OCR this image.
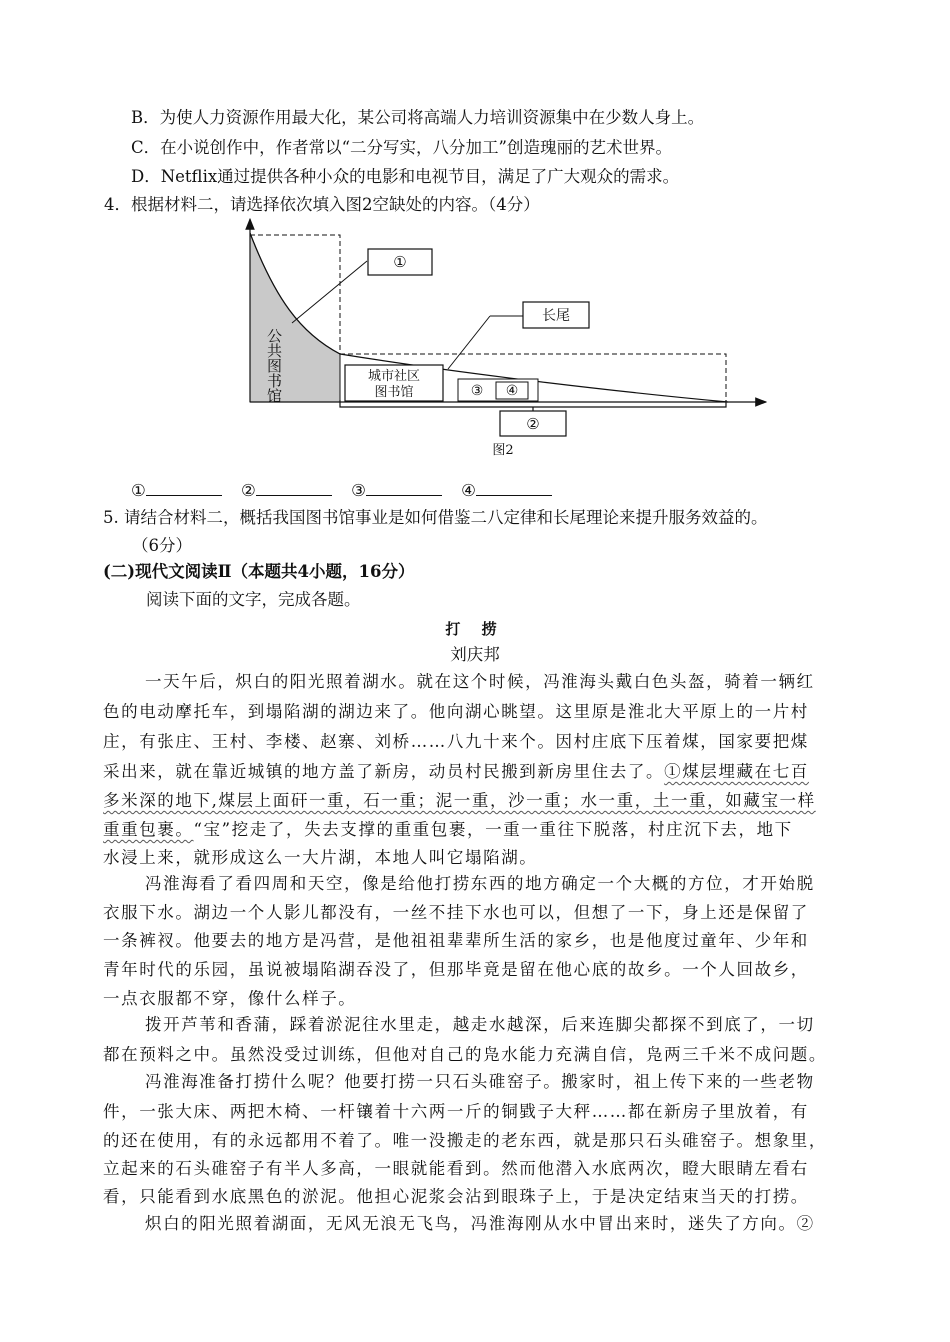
B．为使人力资源作用最大化，某公司将高端人力培训资源集中在少数人身上。
C．在小说创作中，作者常以“二分写实，八分加工”创造瑰丽的艺术世界。
D．Netflix通过提供各种小众的电影和电视节目，满足了广大观众的需求。
4．根据材料二，请选择依次填入图2空缺处的内容。（4分）
公共图书馆
①
长尾
城市社区
图书馆	③ ④
②
图2
①	②	③	④
5. 请结合材料二，概括我国图书馆事业是如何借鉴二八定律和长尾理论来提升服务效益的。
（6分）
(二)现代文阅读Ⅱ（本题共4小题，16分）
阅读下面的文字，完成各题。
打 捞
刘庆邦
一天午后，炽白的阳光照着湖水。就在这个时候，冯淮海头戴白色头盔，骑着一辆红
色的电动摩托车，到塌陷湖的湖边来了。他向湖心眺望。这里原是淮北大平原上的一片村
庄，有张庄、王村、李楼、赵寨、刘桥……八九十来个。因村庄底下压着煤，国家要把煤
采出来，就在靠近城镇的地方盖了新房，动员村民搬到新房里住去了。①煤层埋藏在七百
多米深的地下,煤层上面矸一重，石一重；泥一重，沙一重；水一重，土一重，如藏宝一样
重重包裹。“宝”挖走了，失去支撑的重重包裹，一重一重往下脱落，村庄沉下去，地下
水浸上来，就形成这么一大片湖，本地人叫它塌陷湖。
冯淮海看了看四周和天空，像是给他打捞东西的地方确定一个大概的方位，才开始脱
衣服下水。湖边一个人影儿都没有，一丝不挂下水也可以，但想了一下，身上还是保留了
一条裤衩。他要去的地方是冯营，是他祖祖辈辈所生活的家乡，也是他度过童年、少年和
青年时代的乐园，虽说被塌陷湖吞没了，但那毕竟是留在他心底的故乡。一个人回故乡，
一点衣服都不穿，像什么样子。
拨开芦苇和香蒲，踩着淤泥往水里走，越走水越深，后来连脚尖都探不到底了，一切
都在预料之中。虽然没受过训练，但他对自己的凫水能力充满自信，凫两三千米不成问题。
冯淮海准备打捞什么呢？他要打捞一只石头碓窑子。搬家时，祖上传下来的一些老物
件，一张大床、两把木椅、一杆镶着十六两一斤的铜戥子大秤……都在新房子里放着，有
的还在使用，有的永远都用不着了。唯一没搬走的老东西，就是那只石头碓窑子。想象里，
立起来的石头碓窑子有半人多高，一眼就能看到。然而他潜入水底两次，瞪大眼睛左看右
看，只能看到水底黑色的淤泥。他担心泥浆会沾到眼珠子上，于是决定结束当天的打捞。
炽白的阳光照着湖面，无风无浪无飞鸟，冯淮海刚从水中冒出来时，迷失了方向。②
